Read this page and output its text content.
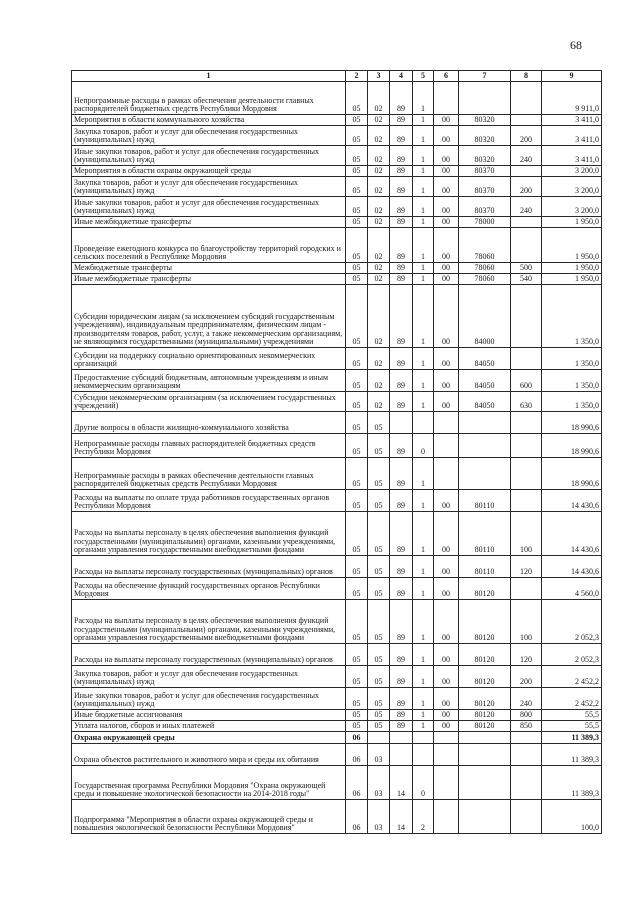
68
1	2	3	4	5	6	7	8	9
Непрограммные расходы в рамках обеспечения деятельности главных распорядителей бюджетных средств Республики Мордовия	05	02	89	1				9 911,0
Мероприятия в области коммунального хозяйства	05	02	89	1	00	80320		3 411,0
Закупка товаров, работ и услуг для обеспечения государственных (муниципальных) нужд	05	02	89	1	00	80320	200	3 411,0
Иные закупки товаров, работ и услуг для обеспечения государственных (муниципальных) нужд	05	02	89	1	00	80320	240	3 411,0
Мероприятия в области охраны окружающей среды	05	02	89	1	00	80370		3 200,0
Закупка товаров, работ и услуг для обеспечения государственных (муниципальных) нужд	05	02	89	1	00	80370	200	3 200,0
Иные закупки товаров, работ и услуг для обеспечения государственных (муниципальных) нужд	05	02	89	1	00	80370	240	3 200,0
Иные межбюджетные трансферты	05	02	89	1	00	78000		1 950,0
Проведение ежегодного конкурса по благоустройству территорий городских и сельских поселений в Республике Мордовия	05	02	89	1	00	78060		1 950,0
Межбюджетные трансферты	05	02	89	1	00	78060	500	1 950,0
Иные межбюджетные трансферты	05	02	89	1	00	78060	540	1 950,0
Субсидии юридическим лицам (за исключением субсидий государственным учреждениям), индивидуальным предпринимателям, физическим лицам - производителям товаров, работ, услуг, а также некоммерческим организациям, не являющимся государственными (муниципальными) учреждениями	05	02	89	1	00	84000		1 350,0
Субсидии на поддержку социально ориентированных некоммерческих организаций	05	02	89	1	00	84050		1 350,0
Предоставление субсидий бюджетным, автономным учреждениям и иным некоммерческим организациям	05	02	89	1	00	84050	600	1 350,0
Субсидии некоммерческим организациям (за исключением государственных учреждений)	05	02	89	1	00	84050	630	1 350,0
Другие вопросы в области жилищно-коммунального хозяйства	05	05						18 990,6
Непрограммные расходы главных распорядителей бюджетных средств Республики Мордовия	05	05	89	0				18 990,6
Непрограммные расходы в рамках обеспечения деятельности главных распорядителей бюджетных средств Республики Мордовия	05	05	89	1				18 990,6
Расходы на выплаты по оплате труда работников государственных органов Республики Мордовия	05	05	89	1	00	80110		14 430,6
Расходы на выплаты персоналу в целях обеспечения выполнения функций государственными (муниципальными) органами, казенными учреждениями, органами управления государственными внебюджетными фондами	05	05	89	1	00	80110	100	14 430,6
Расходы на выплаты персоналу государственных (муниципальных) органов	05	05	89	1	00	80110	120	14 430,6
Расходы на обеспечение функций государственных органов Республики Мордовия	05	05	89	1	00	80120		4 560,0
Расходы на выплаты персоналу в целях обеспечения выполнения функций государственными (муниципальными) органами, казенными учреждениями, органами управления государственными внебюджетными фондами	05	05	89	1	00	80120	100	2 052,3
Расходы на выплаты персоналу государственных (муниципальных) органов	05	05	89	1	00	80120	120	2 052,3
Закупка товаров, работ и услуг для обеспечения государственных (муниципальных) нужд	05	05	89	1	00	80120	200	2 452,2
Иные закупки товаров, работ и услуг для обеспечения государственных (муниципальных) нужд	05	05	89	1	00	80120	240	2 452,2
Иные бюджетные ассигнования	05	05	89	1	00	80120	800	55,5
Уплата налогов, сборов и иных платежей	05	05	89	1	00	80120	850	55,5
Охрана окружающей среды	06							11 389,3
Охрана объектов растительного и животного мира и среды их обитания	06	03						11 389,3
Государственная программа Республики Мордовия "Охрана окружающей среды и повышение экологической безопасности на 2014-2018 годы"	06	03	14	0				11 389,3
Подпрограмма "Мероприятия в области охраны окружающей среды и повышения экологической безопасности Республики Мордовия"	06	03	14	2				100,0
